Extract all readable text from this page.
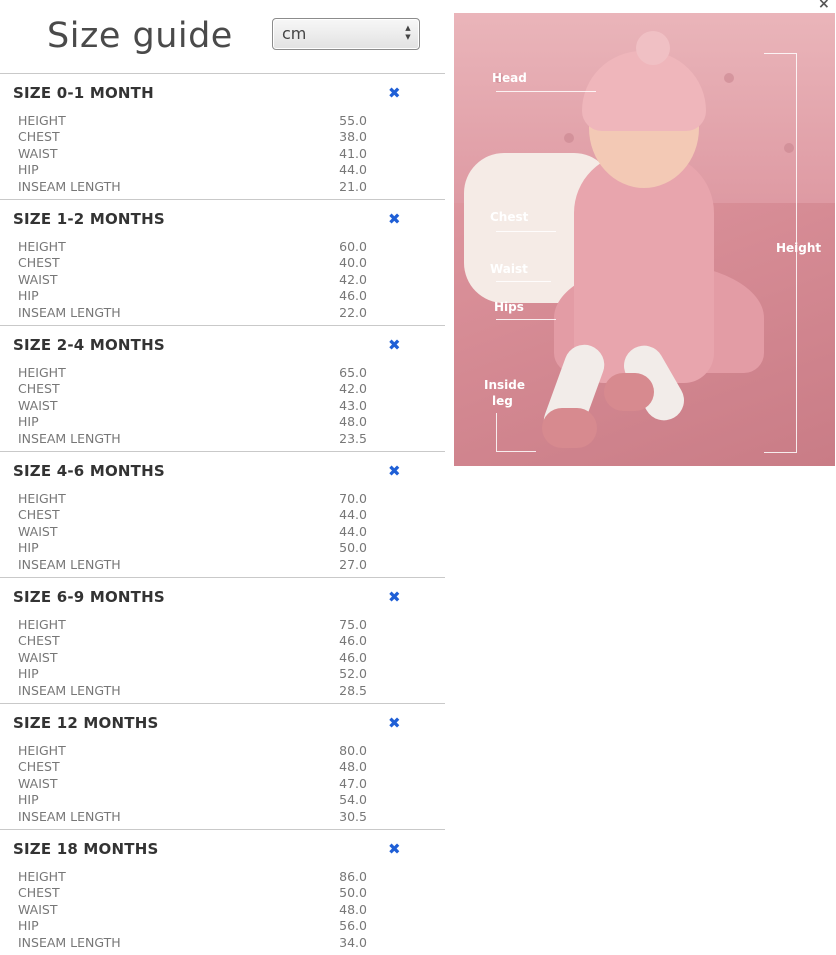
Size guide	cm	▲
▼
×
SIZE 0-1 MONTH	✖
HEIGHT	55.0
CHEST	38.0
WAIST	41.0
HIP	44.0
INSEAM LENGTH	21.0
SIZE 1-2 MONTHS	✖
HEIGHT	60.0
CHEST	40.0
WAIST	42.0
HIP	46.0
INSEAM LENGTH	22.0
SIZE 2-4 MONTHS	✖
HEIGHT	65.0
CHEST	42.0
WAIST	43.0
HIP	48.0
INSEAM LENGTH	23.5
SIZE 4-6 MONTHS	✖
HEIGHT	70.0
CHEST	44.0
WAIST	44.0
HIP	50.0
INSEAM LENGTH	27.0
SIZE 6-9 MONTHS	✖
HEIGHT	75.0
CHEST	46.0
WAIST	46.0
HIP	52.0
INSEAM LENGTH	28.5
SIZE 12 MONTHS	✖
HEIGHT	80.0
CHEST	48.0
WAIST	47.0
HIP	54.0
INSEAM LENGTH	30.5
SIZE 18 MONTHS	✖
HEIGHT	86.0
CHEST	50.0
WAIST	48.0
HIP	56.0
INSEAM LENGTH	34.0
Head
Chest
Waist
Hips
Inside
leg
Height
